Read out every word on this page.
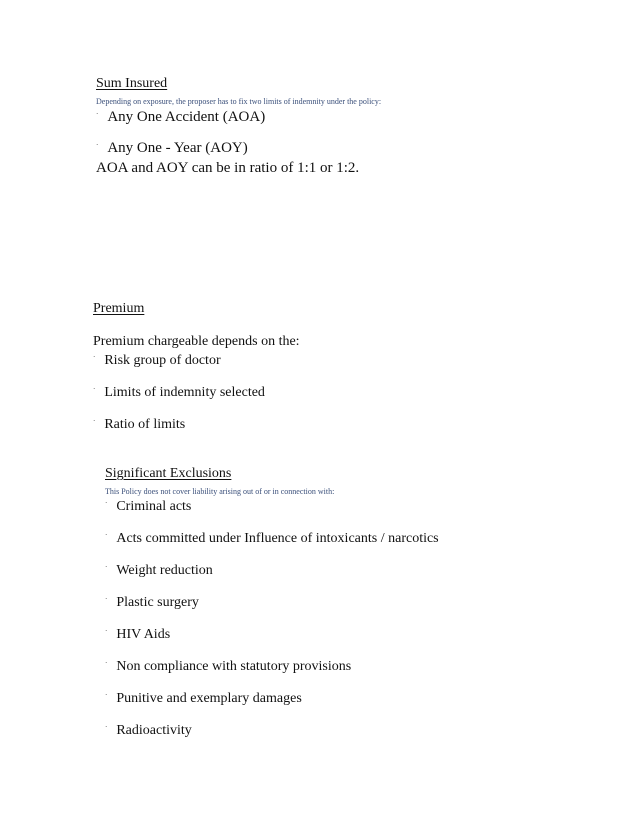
Sum Insured
Depending on exposure, the proposer has to fix two limits of indemnity under the policy:
· Any One Accident (AOA)
· Any One - Year (AOY)
AOA and AOY can be in ratio of 1:1 or 1:2.
Premium
Premium chargeable depends on the:
· Risk group of doctor
· Limits of indemnity selected
· Ratio of limits
Significant Exclusions
This Policy does not cover liability arising out of or in connection with:
· Criminal acts
· Acts committed under Influence of intoxicants / narcotics
· Weight reduction
· Plastic surgery
· HIV Aids
· Non compliance with statutory provisions
· Punitive and exemplary damages
· Radioactivity
